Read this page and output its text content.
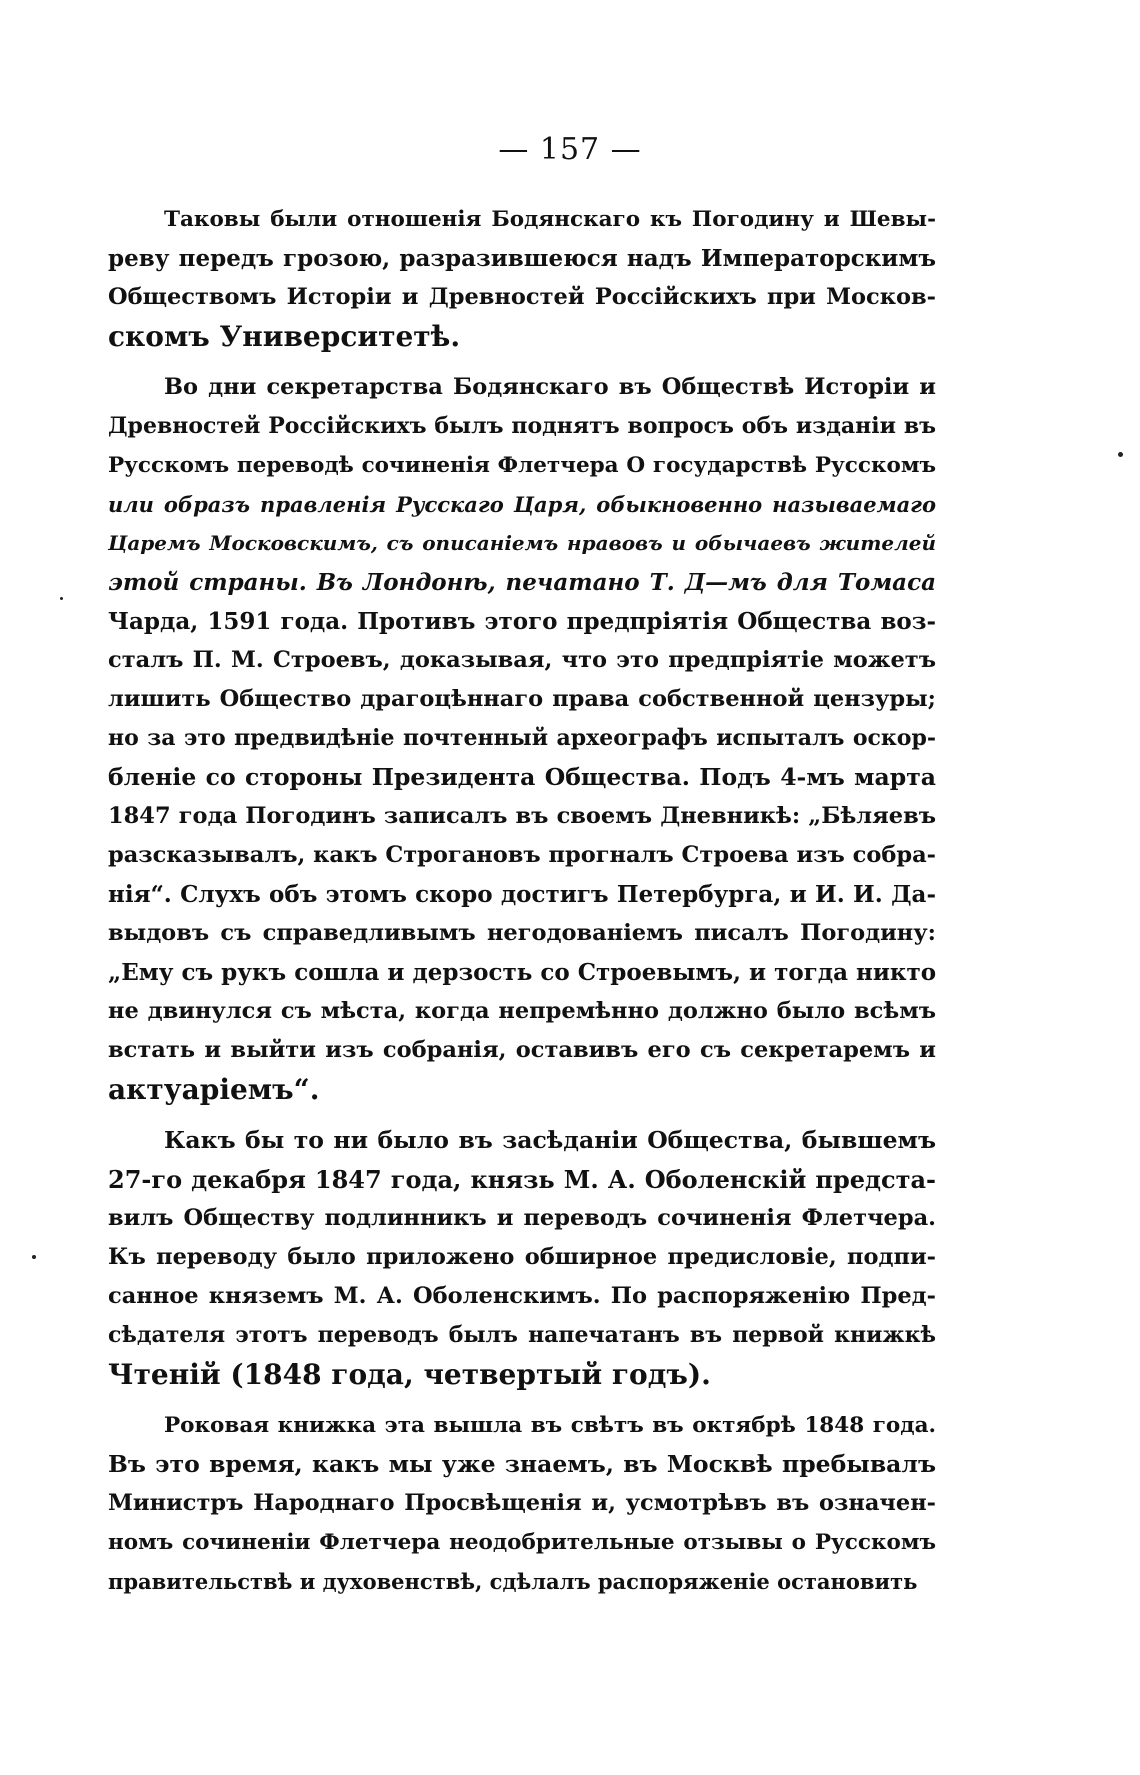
— 157 —
Таковы были отношенія Бодянскаго къ Погодину и Шевы-
реву передъ грозою, разразившеюся надъ Императорскимъ
Обществомъ Исторіи и Древностей Россійскихъ при Москов-
скомъ Университетѣ.
Во дни секретарства Бодянскаго въ Обществѣ Исторіи и
Древностей Россійскихъ былъ поднятъ вопросъ объ изданіи въ
Русскомъ переводѣ сочиненія Флетчера О государствѣ Русскомъ
или образъ правленія Русскаго Царя, обыкновенно называемаго
Царемъ Московскимъ, съ описаніемъ нравовъ и обычаевъ жителей
этой страны. Въ Лондонѣ, печатано Т. Д—мъ для Томаса
Чарда, 1591 года. Противъ этого предпріятія Общества воз-
сталъ П. М. Строевъ, доказывая, что это предпріятіе можетъ
лишить Общество драгоцѣннаго права собственной цензуры;
но за это предвидѣніе почтенный археографъ испыталъ оскор-
бленіе со стороны Президента Общества. Подъ 4-мъ марта
1847 года Погодинъ записалъ въ своемъ Дневникѣ: „Бѣляевъ
разсказывалъ, какъ Строгановъ прогналъ Строева изъ собра-
нія“. Слухъ объ этомъ скоро достигъ Петербурга, и И. И. Да-
выдовъ съ справедливымъ негодованіемъ писалъ Погодину:
„Ему съ рукъ сошла и дерзость со Строевымъ, и тогда никто
не двинулся съ мѣста, когда непремѣнно должно было всѣмъ
встать и выйти изъ собранія, оставивъ его съ секретаремъ и
актуаріемъ“.
Какъ бы то ни было въ засѣданіи Общества, бывшемъ
27-го декабря 1847 года, князь М. А. Оболенскій предста-
вилъ Обществу подлинникъ и переводъ сочиненія Флетчера.
Къ переводу было приложено обширное предисловіе, подпи-
санное княземъ М. А. Оболенскимъ. По распоряженію Пред-
сѣдателя этотъ переводъ былъ напечатанъ въ первой книжкѣ
Чтеній (1848 года, четвертый годъ).
Роковая книжка эта вышла въ свѣтъ въ октябрѣ 1848 года.
Въ это время, какъ мы уже знаемъ, въ Москвѣ пребывалъ
Министръ Народнаго Просвѣщенія и, усмотрѣвъ въ означен-
номъ сочиненіи Флетчера неодобрительные отзывы о Русскомъ
правительствѣ и духовенствѣ, сдѣлалъ распоряженіе остановить
